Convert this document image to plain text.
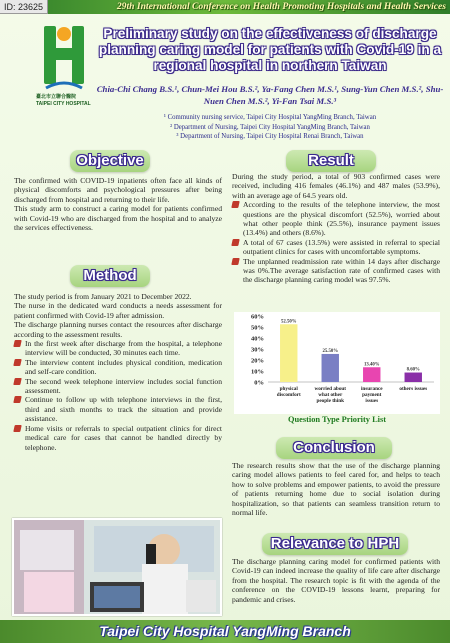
ID: 23625	29th International Conference on Health Promoting Hospitals and Health Services
臺北市立聯合醫院
TAIPEI CITY HOSPITAL
Preliminary study on the effectiveness of discharge planning caring model for patients with Covid-19 in a regional hospital in northern Taiwan
Chia-Chi Chang B.S.¹, Chun-Mei Hou B.S.², Ya-Fang Chen M.S.¹, Sung-Yun Chen M.S.², Shu-Nuen Chen M.S.², Yi-Fan Tsai M.S.³
¹ Community nursing service, Taipei City Hospital YangMing Branch, Taiwan
² Department of Nursing, Taipei City Hospital YangMing Branch, Taiwan
³ Department of Nursing, Taipei City Hospital Renai Branch, Taiwan
Objective

The confirmed with COVID-19 inpatients often face all kinds of physical discomforts and psychological pressures after being discharged from hospital and returning to their life.

This study arm to construct a caring model for patients confirmed with Covid-19 who are discharged from the hospital and to analyze the services effectiveness.

Method

The study period is from January 2021 to December 2022.

The nurse in the dedicated ward conducts a needs assessment for patient confirmed with Covid-19 after admission.

The discharge planning nurses contact the resources after discharge according to the assessment results.

In the first week after discharge from the hospital, a telephone interview will be conducted, 30 minutes each time.
The interview content includes physical condition, medication and self-care condition.
The second week telephone interview includes social function assessment.
Continue to follow up with telephone interviews in the first, third and sixth months to track the situation and provide assistance.
Home visits or referrals to special outpatient clinics for direct medical care for cases that cannot be handled directly by telephone.
Result

During the study period, a total of 903 confirmed cases were received, including 416 females (46.1%) and 487 males (53.9%), with an average age of 64.5 years old.

According to the results of the telephone interview, the most questions are the physical discomfort (52.5%), worried about what other people think (25.5%), insurance payment issues (13.4%) and others (8.6%).
A total of 67 cases (13.5%) were assisted in referral to special outpatient clinics for cases with uncomfortable symptoms.
The unplanned readmission rate within 14 days after discharge was 0%.The average satisfaction rate of confirmed cases with the discharge planning caring model was 97.5%.
0%
10%
20%
30%
40%
50%
60%
52.50%
physical discomfort
25.50%
worried about what other people think
13.40%
insurance payment issues
8.60%
others issues
Question Type Priority List
Conclusion

The research results show that the use of the discharge planning caring model allows patients to feel cared for, and helps to teach how to solve problems and empower patients, to avoid the pressure of patients returning home due to social isolation during hospitalization, so that patients can seamless transition return to normal life.

Relevance to HPH

The discharge planning caring model for confirmed patients with Covid-19 can indeed increase the quality of life care after discharge from the hospital. The research topic is fit with the agenda of the conference on the COVID-19 lessons learnt, preparing for pandemic and crises.

Taipei City Hospital YangMing Branch
